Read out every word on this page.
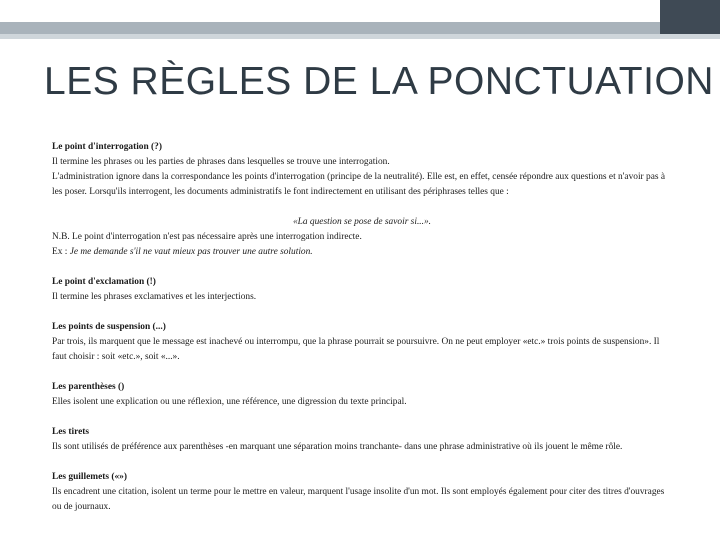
LES RÈGLES DE LA PONCTUATION

Le point d'interrogation (?)

Il termine les phrases ou les parties de phrases dans lesquelles se trouve une interrogation.

L'administration ignore dans la correspondance les points d'interrogation (principe de la neutralité). Elle est, en effet, censée répondre aux questions et n'avoir pas à les poser. Lorsqu'ils interrogent, les documents administratifs le font indirectement en utilisant des périphrases telles que :

«La question se pose de savoir si...».

N.B. Le point d'interrogation n'est pas nécessaire après une interrogation indirecte.

Ex : Je me demande s'il ne vaut mieux pas trouver une autre solution.

Le point d'exclamation (!)

Il termine les phrases exclamatives et les interjections.

Les points de suspension (...)

Par trois, ils marquent que le message est inachevé ou interrompu, que la phrase pourrait se poursuivre. On ne peut employer «etc.» trois points de suspension». Il faut choisir : soit «etc.», soit «...».

Les parenthèses ()

Elles isolent une explication ou une réflexion, une référence, une digression du texte principal.

Les tirets

Ils sont utilisés de préférence aux parenthèses -en marquant une séparation moins tranchante- dans une phrase administrative où ils jouent le même rôle.

Les guillemets («»)

Ils encadrent une citation, isolent un terme pour le mettre en valeur, marquent l'usage insolite d'un mot. Ils sont employés également pour citer des titres d'ouvrages ou de journaux.
